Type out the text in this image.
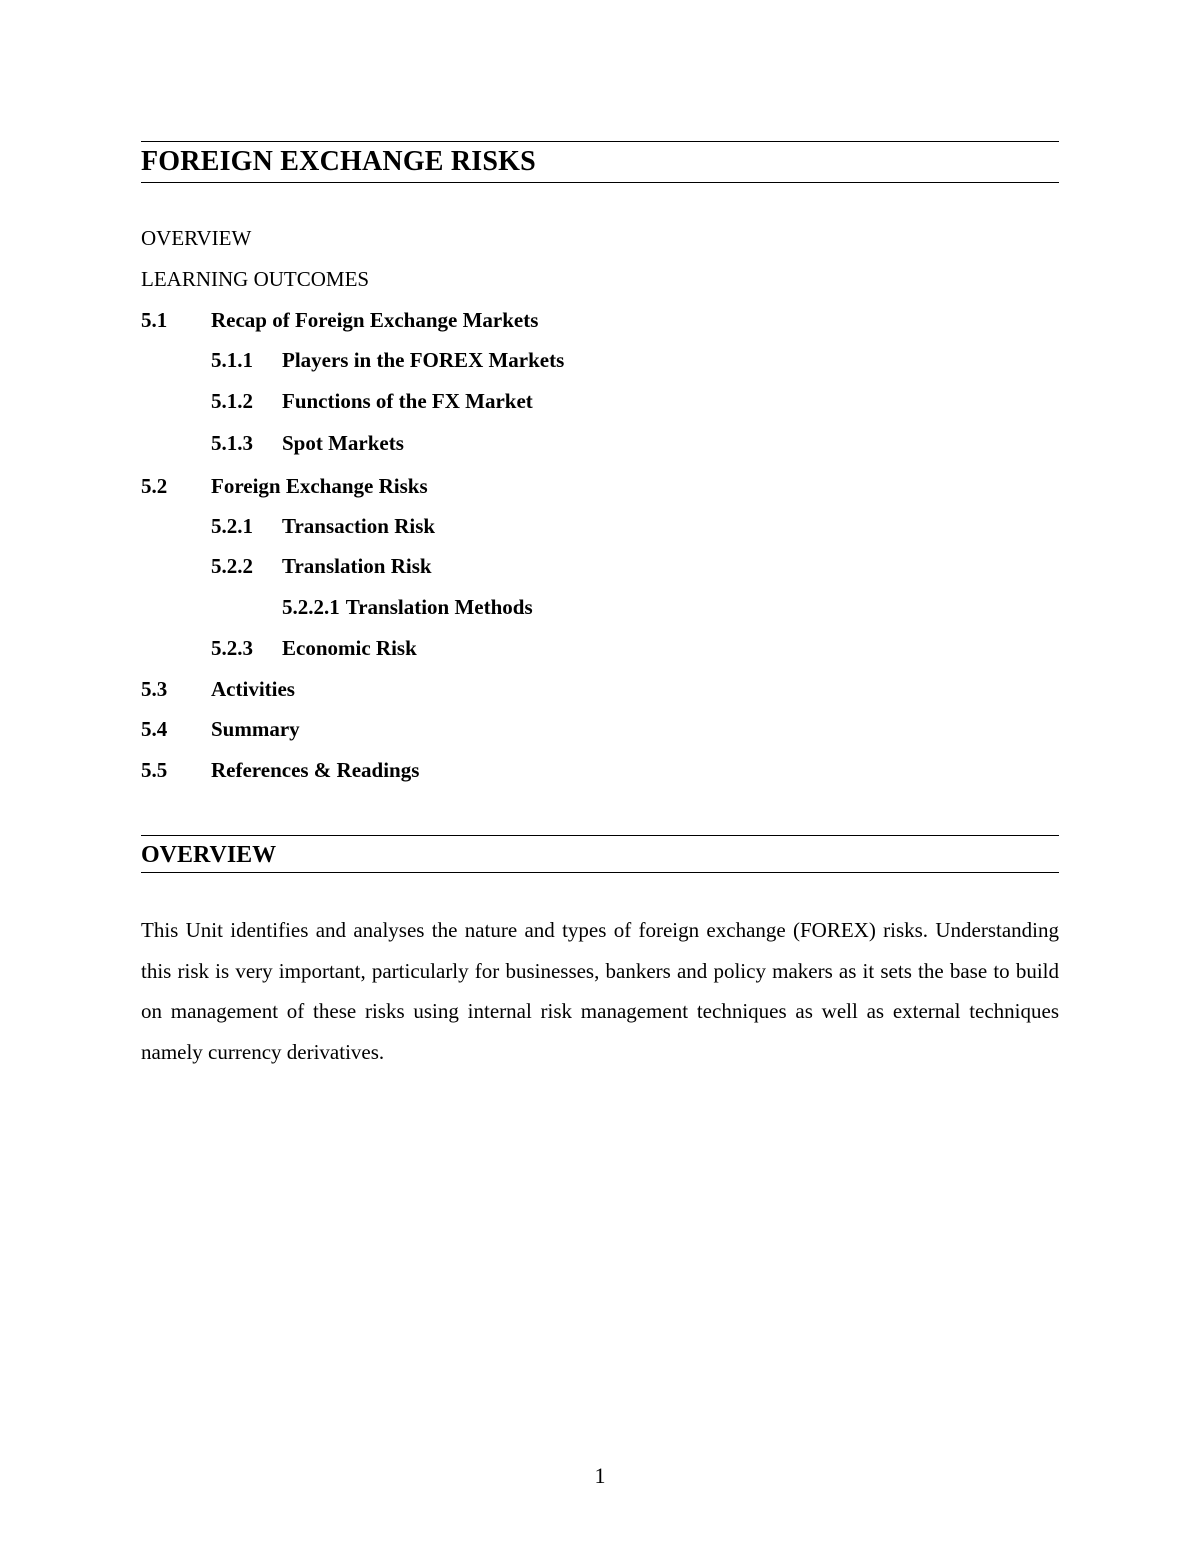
FOREIGN EXCHANGE RISKS
OVERVIEW
LEARNING OUTCOMES
5.1	Recap of Foreign Exchange Markets
5.1.1	Players in the FOREX Markets
5.1.2	Functions of the FX Market
5.1.3	Spot Markets
5.2	Foreign Exchange Risks
5.2.1	Transaction Risk
5.2.2	Translation Risk
5.2.2.1 Translation Methods
5.2.3	Economic Risk
5.3	Activities
5.4	Summary
5.5	References & Readings
OVERVIEW

This Unit identifies and analyses the nature and types of foreign exchange (FOREX) risks. Understanding this risk is very important, particularly for businesses, bankers and policy makers as it sets the base to build on management of these risks using internal risk management techniques as well as external techniques namely currency derivatives.

1
